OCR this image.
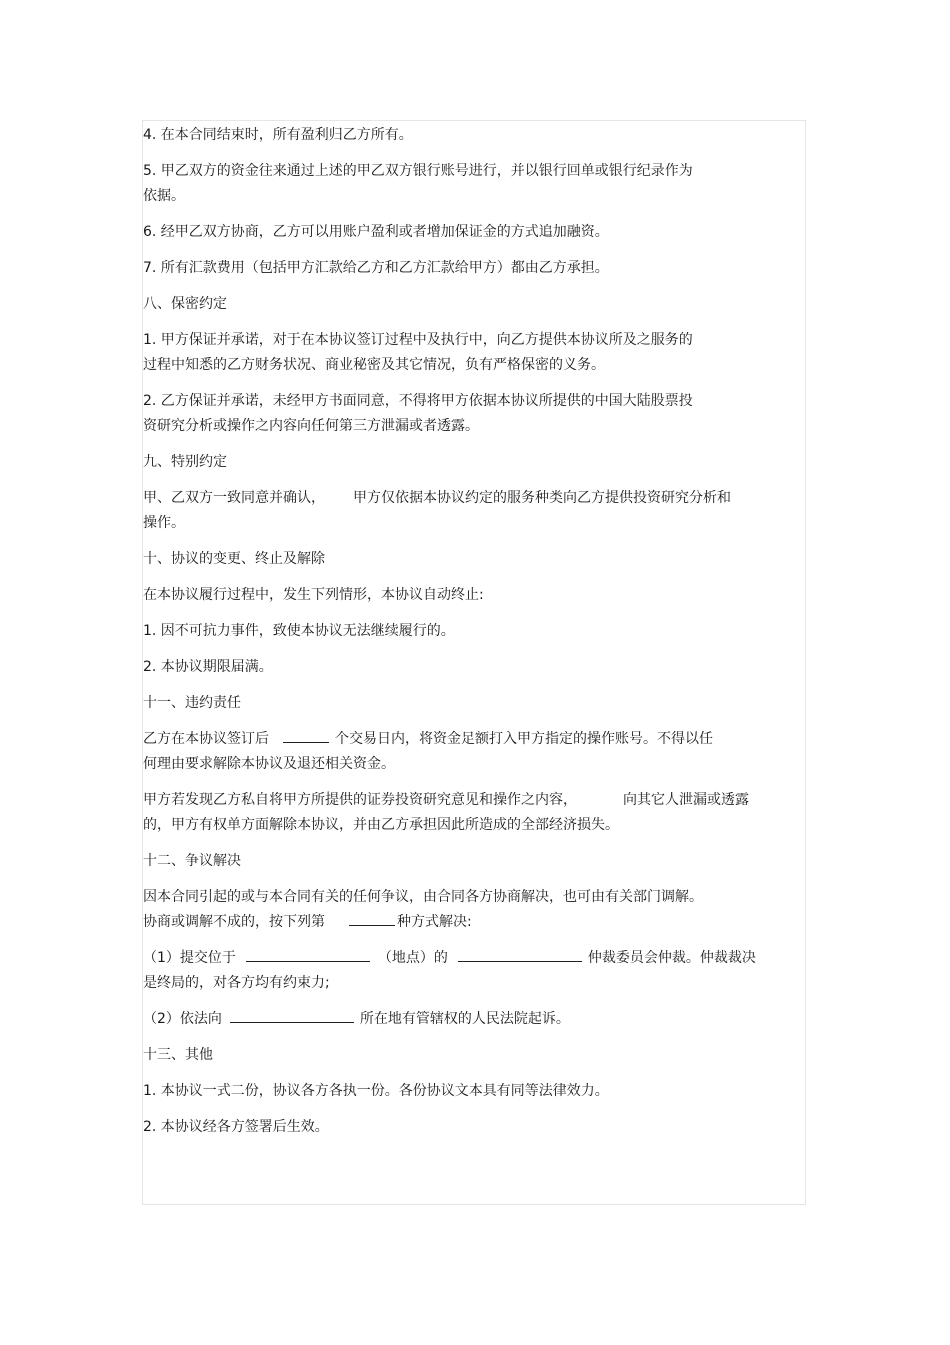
4. 在本合同结束时，所有盈利归乙方所有。

5. 甲乙双方的资金往来通过上述的甲乙双方银行账号进行，并以银行回单或银行纪录作为
依据。

6. 经甲乙双方协商，乙方可以用账户盈利或者增加保证金的方式追加融资。

7. 所有汇款费用（包括甲方汇款给乙方和乙方汇款给甲方）都由乙方承担。

八、保密约定

1. 甲方保证并承诺，对于在本协议签订过程中及执行中，向乙方提供本协议所及之服务的
过程中知悉的乙方财务状况、商业秘密及其它情况，负有严格保密的义务。

2. 乙方保证并承诺，未经甲方书面同意，不得将甲方依据本协议所提供的中国大陆股票投
资研究分析或操作之内容向任何第三方泄漏或者透露。

九、特别约定

甲、乙双方一致同意并确认， 甲方仅依据本协议约定的服务种类向乙方提供投资研究分析和
操作。

十、协议的变更、终止及解除

在本协议履行过程中，发生下列情形，本协议自动终止:

1. 因不可抗力事件，致使本协议无法继续履行的。

2. 本协议期限届满。

十一、违约责任

乙方在本协议签订后	个交易日内，将资金足额打入甲方指定的操作账号。不得以任
何理由要求解除本协议及退还相关资金。

甲方若发现乙方私自将甲方所提供的证券投资研究意见和操作之内容，	向其它人泄漏或透露
的，甲方有权单方面解除本协议，并由乙方承担因此所造成的全部经济损失。

十二、争议解决

因本合同引起的或与本合同有关的任何争议，由合同各方协商解决，也可由有关部门调解。
协商或调解不成的，按下列第	种方式解决:

（1）提交位于	（地点）的	仲裁委员会仲裁。仲裁裁决
是终局的，对各方均有约束力;

（2）依法向	所在地有管辖权的人民法院起诉。

十三、其他

1. 本协议一式二份，协议各方各执一份。各份协议文本具有同等法律效力。

2. 本协议经各方签署后生效。
